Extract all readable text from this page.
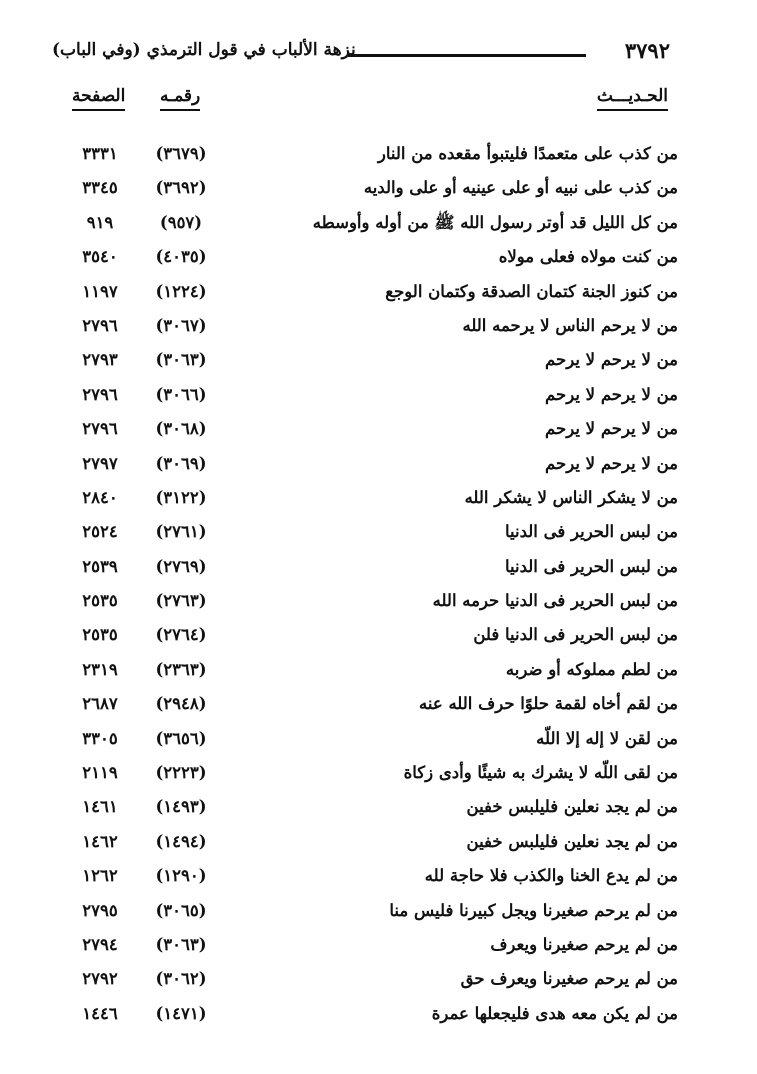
نزهة الألباب في قول الترمذي (وفي الباب)	٣٧٩٢
الحـديـــث
رقمـه
الصفحة
من كذب على متعمدًا فليتبوأ مقعده من النار
(٣٦٧٩)
٣٣٣١
من كذب على نبيه أو على عينيه أو على والديه
(٣٦٩٢)
٣٣٤٥
من كل الليل قد أوتر رسول الله ﷺ من أوله وأوسطه
(٩٥٧)
٩١٩
من كنت مولاه فعلى مولاه
(٤٠٣٥)
٣٥٤٠
من كنوز الجنة كتمان الصدقة وكتمان الوجع
(١٢٢٤)
١١٩٧
من لا يرحم الناس لا يرحمه الله
(٣٠٦٧)
٢٧٩٦
من لا يرحم لا يرحم
(٣٠٦٣)
٢٧٩٣
من لا يرحم لا يرحم
(٣٠٦٦)
٢٧٩٦
من لا يرحم لا يرحم
(٣٠٦٨)
٢٧٩٦
من لا يرحم لا يرحم
(٣٠٦٩)
٢٧٩٧
من لا يشكر الناس لا يشكر الله
(٣١٢٢)
٢٨٤٠
من لبس الحرير فى الدنيا
(٢٧٦١)
٢٥٢٤
من لبس الحرير فى الدنيا
(٢٧٦٩)
٢٥٣٩
من لبس الحرير فى الدنيا حرمه الله
(٢٧٦٣)
٢٥٣٥
من لبس الحرير فى الدنيا فلن
(٢٧٦٤)
٢٥٣٥
من لطم مملوكه أو ضربه
(٢٣٦٣)
٢٣١٩
من لقم أخاه لقمة حلوًا حرف الله عنه
(٢٩٤٨)
٢٦٨٧
من لقن لا إله إلا اللّه
(٣٦٥٦)
٣٣٠٥
من لقى اللّه لا يشرك به شيئًا وأدى زكاة
(٢٢٢٣)
٢١١٩
من لم يجد نعلين فليلبس خفين
(١٤٩٣)
١٤٦١
من لم يجد نعلين فليلبس خفين
(١٤٩٤)
١٤٦٢
من لم يدع الخنا والكذب فلا حاجة لله
(١٢٩٠)
١٢٦٢
من لم يرحم صغيرنا ويجل كبيرنا فليس منا
(٣٠٦٥)
٢٧٩٥
من لم يرحم صغيرنا ويعرف
(٣٠٦٣)
٢٧٩٤
من لم يرحم صغيرنا ويعرف حق
(٣٠٦٢)
٢٧٩٢
من لم يكن معه هدى فليجعلها عمرة
(١٤٧١)
١٤٤٦
